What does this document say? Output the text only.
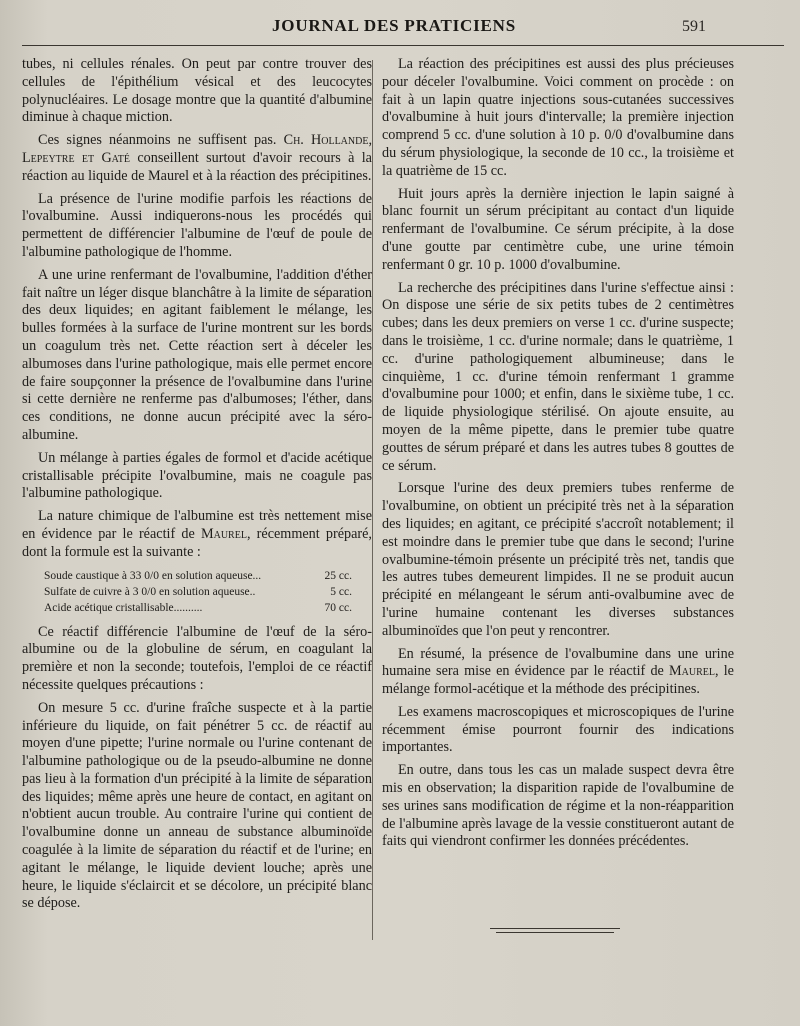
JOURNAL DES PRATICIENS	591

tubes, ni cellules rénales. On peut par contre trouver des cellules de l'épithélium vésical et des leucocytes polynucléaires. Le dosage montre que la quantité d'albumine diminue à chaque miction.

Ces signes néanmoins ne suffisent pas. Ch. Hollande, Lepeytre et Gaté conseillent surtout d'avoir recours à la réaction au liquide de Maurel et à la réaction des précipitines.

La présence de l'urine modifie parfois les réactions de l'ovalbumine. Aussi indiquerons-nous les procédés qui permettent de différencier l'albumine de l'œuf de poule de l'albumine pathologique de l'homme.

A une urine renfermant de l'ovalbumine, l'addition d'éther fait naître un léger disque blanchâtre à la limite de séparation des deux liquides; en agitant faiblement le mélange, les bulles formées à la surface de l'urine montrent sur les bords un coagulum très net. Cette réaction sert à déceler les albumoses dans l'urine pathologique, mais elle permet encore de faire soupçonner la présence de l'ovalbumine dans l'urine si cette dernière ne renferme pas d'albumoses; l'éther, dans ces conditions, ne donne aucun précipité avec la séro-albumine.

Un mélange à parties égales de formol et d'acide acétique cristallisable précipite l'ovalbumine, mais ne coagule pas l'albumine pathologique.

La nature chimique de l'albumine est très nettement mise en évidence par le réactif de Maurel, récemment préparé, dont la formule est la suivante :

Soude caustique à 33 0/0 en solution aqueuse...	25 cc.
Sulfate de cuivre à 3 0/0 en solution aqueuse..	5 cc.
Acide acétique cristallisable..........	70 cc.

Ce réactif différencie l'albumine de l'œuf de la séro-albumine ou de la globuline de sérum, en coagulant la première et non la seconde; toutefois, l'emploi de ce réactif nécessite quelques précautions :

On mesure 5 cc. d'urine fraîche suspecte et à la partie inférieure du liquide, on fait pénétrer 5 cc. de réactif au moyen d'une pipette; l'urine normale ou l'urine contenant de l'albumine pathologique ou de la pseudo-albumine ne donne pas lieu à la formation d'un précipité à la limite de séparation des liquides; même après une heure de contact, en agitant on n'obtient aucun trouble. Au contraire l'urine qui contient de l'ovalbumine donne un anneau de substance albuminoïde coagulée à la limite de séparation du réactif et de l'urine; en agitant le mélange, le liquide devient louche; après une heure, le liquide s'éclaircit et se décolore, un précipité blanc se dépose.

La réaction des précipitines est aussi des plus précieuses pour déceler l'ovalbumine. Voici comment on procède : on fait à un lapin quatre injections sous-cutanées successives d'ovalbumine à huit jours d'intervalle; la première injection comprend 5 cc. d'une solution à 10 p. 0/0 d'ovalbumine dans du sérum physiologique, la seconde de 10 cc., la troisième et la quatrième de 15 cc.

Huit jours après la dernière injection le lapin saigné à blanc fournit un sérum précipitant au contact d'un liquide renfermant de l'ovalbumine. Ce sérum précipite, à la dose d'une goutte par centimètre cube, une urine témoin renfermant 0 gr. 10 p. 1000 d'ovalbumine.

La recherche des précipitines dans l'urine s'effectue ainsi : On dispose une série de six petits tubes de 2 centimètres cubes; dans les deux premiers on verse 1 cc. d'urine suspecte; dans le troisième, 1 cc. d'urine normale; dans le quatrième, 1 cc. d'urine pathologiquement albumineuse; dans le cinquième, 1 cc. d'urine témoin renfermant 1 gramme d'ovalbumine pour 1000; et enfin, dans le sixième tube, 1 cc. de liquide physiologique stérilisé. On ajoute ensuite, au moyen de la même pipette, dans le premier tube quatre gouttes de sérum préparé et dans les autres tubes 8 gouttes de ce sérum.

Lorsque l'urine des deux premiers tubes renferme de l'ovalbumine, on obtient un précipité très net à la séparation des liquides; en agitant, ce précipité s'accroît notablement; il est moindre dans le premier tube que dans le second; l'urine ovalbumine-témoin présente un précipité très net, tandis que les autres tubes demeurent limpides. Il ne se produit aucun précipité en mélangeant le sérum anti-ovalbumine avec de l'urine humaine contenant les diverses substances albuminoïdes que l'on peut y rencontrer.

En résumé, la présence de l'ovalbumine dans une urine humaine sera mise en évidence par le réactif de Maurel, le mélange formol-acétique et la méthode des précipitines.

Les examens macroscopiques et microscopiques de l'urine récemment émise pourront fournir des indications importantes.

En outre, dans tous les cas un malade suspect devra être mis en observation; la disparition rapide de l'ovalbumine de ses urines sans modification de régime et la non-réapparition de l'albumine après lavage de la vessie constitueront autant de faits qui viendront confirmer les données précédentes.
